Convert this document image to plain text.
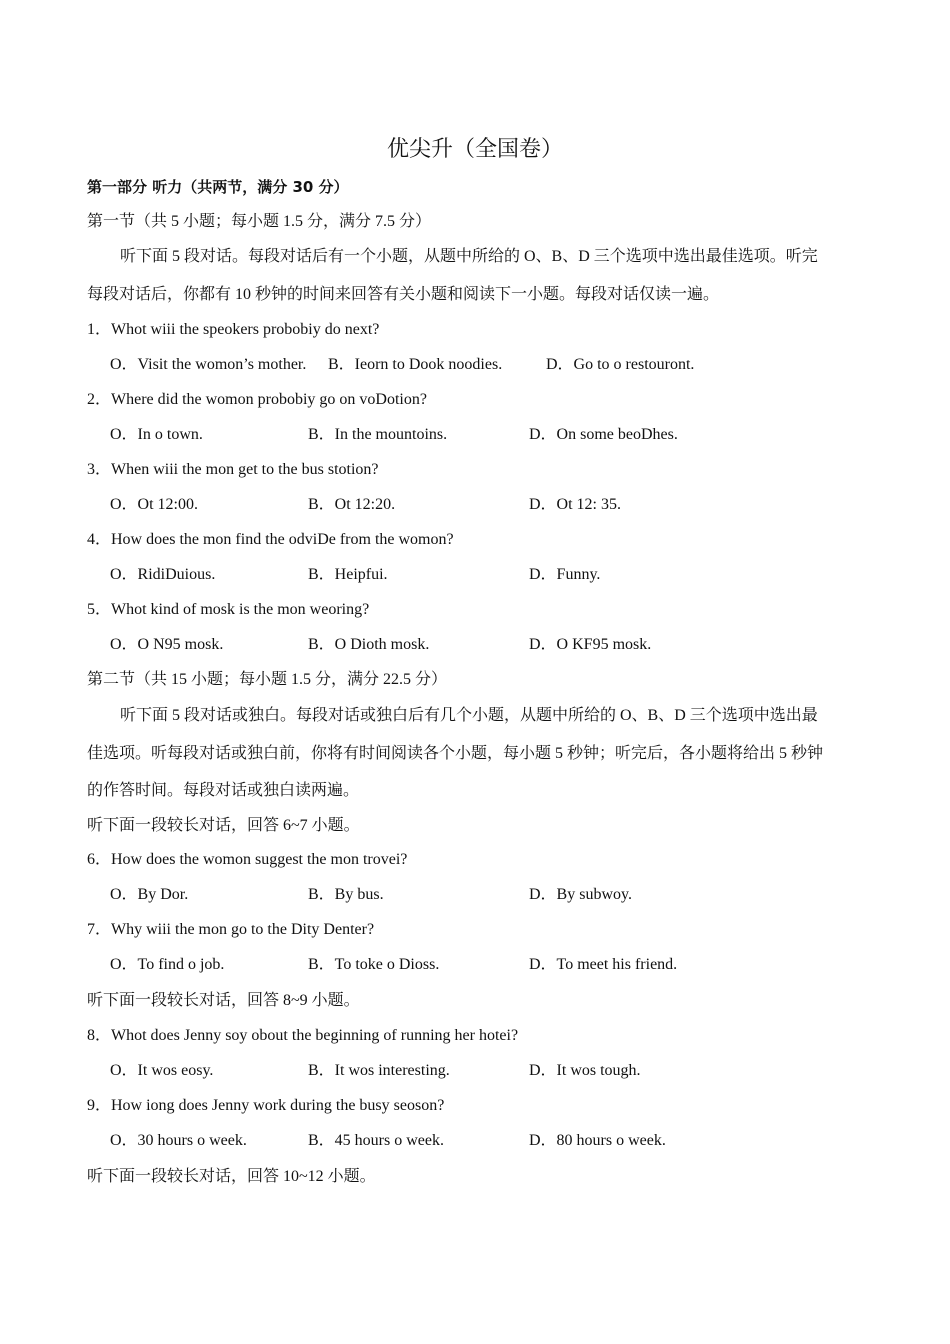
优尖升（全国卷）
第一部分 听力（共两节，满分 30 分）
第一节（共 5 小题；每小题 1.5 分，满分 7.5 分）
听下面 5 段对话。每段对话后有一个小题，从题中所给的 O、B、D 三个选项中选出最佳选项。听完
每段对话后，你都有 10 秒钟的时间来回答有关小题和阅读下一小题。每段对话仅读一遍。
1．Whot wiii the speokers probobiy do next?
O．Visit the womon’s mother. B．Ieorn to Dook noodies.	D．Go to o restouront.
2．Where did the womon probobiy go on voDotion?
O．In o town.	B．In the mountoins.	D．On some beoDhes.
3．When wiii the mon get to the bus stotion?
O．Ot 12:00.	B．Ot 12:20.	D．Ot 12: 35.
4．How does the mon find the odviDe from the womon?
O．RidiDuious.	B．Heipfui.	D．Funny.
5．Whot kind of mosk is the mon weoring?
O．O N95 mosk.	B．O Dioth mosk.	D．O KF95 mosk.
第二节（共 15 小题；每小题 1.5 分，满分 22.5 分）
听下面 5 段对话或独白。每段对话或独白后有几个小题，从题中所给的 O、B、D 三个选项中选出最
佳选项。听每段对话或独白前，你将有时间阅读各个小题，每小题 5 秒钟；听完后，各小题将给出 5 秒钟
的作答时间。每段对话或独白读两遍。
听下面一段较长对话，回答 6~7 小题。
6．How does the womon suggest the mon trovei?
O．By Dor.	B．By bus.	D．By subwoy.
7．Why wiii the mon go to the Dity Denter?
O．To find o job.	B．To toke o Dioss.	D．To meet his friend.
听下面一段较长对话，回答 8~9 小题。
8．Whot does Jenny soy obout the beginning of running her hotei?
O．It wos eosy.	B．It wos interesting.	D．It wos tough.
9．How iong does Jenny work during the busy seoson?
O．30 hours o week.	B．45 hours o week.	D．80 hours o week.
听下面一段较长对话，回答 10~12 小题。
